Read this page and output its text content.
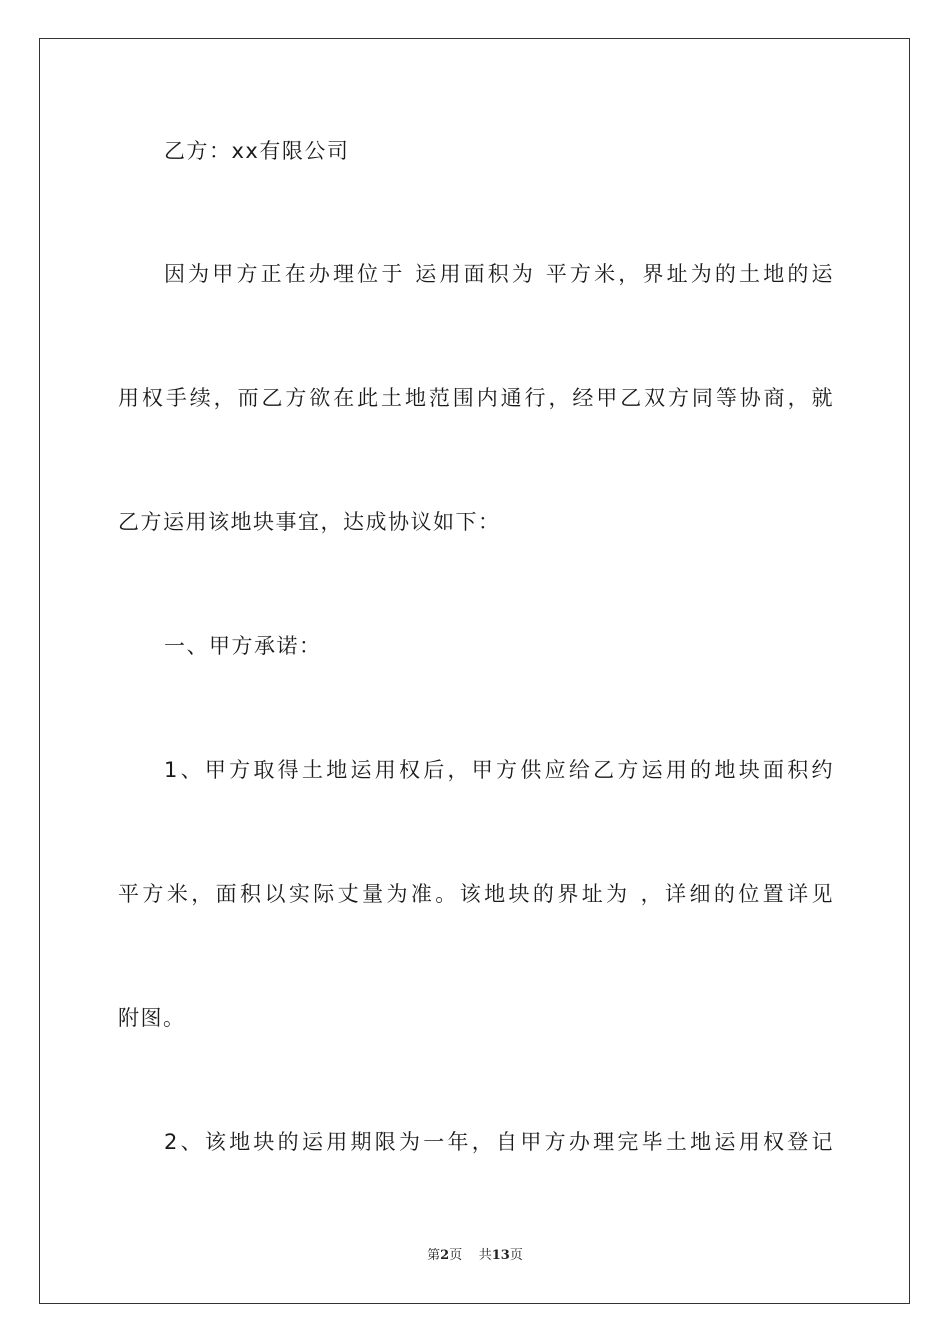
乙方：xx有限公司
因为甲方正在办理位于 运用面积为 平方米，界址为的土地的运
用权手续，而乙方欲在此土地范围内通行，经甲乙双方同等协商，就
乙方运用该地块事宜，达成协议如下：
一、甲方承诺：
1、甲方取得土地运用权后，甲方供应给乙方运用的地块面积约
平方米，面积以实际丈量为准。该地块的界址为 ，详细的位置详见
附图。
2、该地块的运用期限为一年，自甲方办理完毕土地运用权登记
第2页 共13页
